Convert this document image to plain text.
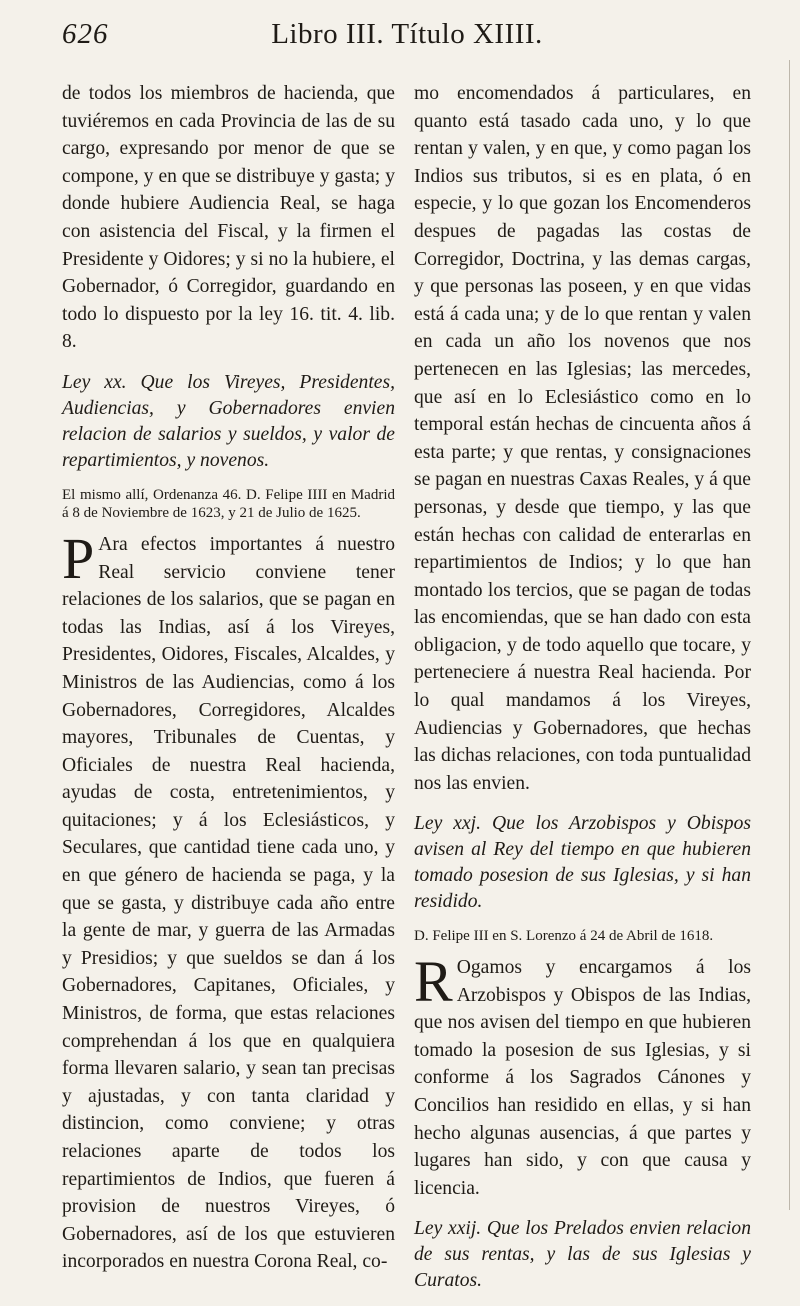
626	Libro III. Título XIIII.

de todos los miembros de hacienda, que tuviéremos en cada Provincia de las de su cargo, expresando por menor de que se compone, y en que se distribuye y gasta; y donde hubiere Audiencia Real, se haga con asistencia del Fiscal, y la firmen el Presidente y Oidores; y si no la hubiere, el Gobernador, ó Corregidor, guardando en todo lo dispuesto por la ley 16. tit. 4. lib. 8.

Ley xx. Que los Vireyes, Presidentes, Audiencias, y Gobernadores envien relacion de salarios y sueldos, y valor de repartimientos, y novenos.

El mismo allí, Ordenanza 46. D. Felipe IIII en Madrid á 8 de Noviembre de 1623, y 21 de Julio de 1625.

P Ara efectos importantes á nuestro Real servicio conviene tener relaciones de los salarios, que se pagan en todas las Indias, así á los Vireyes, Presidentes, Oidores, Fiscales, Alcaldes, y Ministros de las Audiencias, como á los Gobernadores, Corregidores, Alcaldes mayores, Tribunales de Cuentas, y Oficiales de nuestra Real hacienda, ayudas de costa, entretenimientos, y quitaciones; y á los Eclesiásticos, y Seculares, que cantidad tiene cada uno, y en que género de hacienda se paga, y la que se gasta, y distribuye cada año entre la gente de mar, y guerra de las Armadas y Presidios; y que sueldos se dan á los Gobernadores, Capitanes, Oficiales, y Ministros, de forma, que estas relaciones comprehendan á los que en qualquiera forma llevaren salario, y sean tan precisas y ajustadas, y con tanta claridad y distincion, como conviene; y otras relaciones aparte de todos los repartimientos de Indios, que fueren á provision de nuestros Vireyes, ó Gobernadores, así de los que estuvieren incorporados en nuestra Corona Real, co-

mo encomendados á particulares, en quanto está tasado cada uno, y lo que rentan y valen, y en que, y como pagan los Indios sus tributos, si es en plata, ó en especie, y lo que gozan los Encomenderos despues de pagadas las costas de Corregidor, Doctrina, y las demas cargas, y que personas las poseen, y en que vidas está á cada una; y de lo que rentan y valen en cada un año los novenos que nos pertenecen en las Iglesias; las mercedes, que así en lo Eclesiástico como en lo temporal están hechas de cincuenta años á esta parte; y que rentas, y consignaciones se pagan en nuestras Caxas Reales, y á que personas, y desde que tiempo, y las que están hechas con calidad de enterarlas en repartimientos de Indios; y lo que han montado los tercios, que se pagan de todas las encomiendas, que se han dado con esta obligacion, y de todo aquello que tocare, y perteneciere á nuestra Real hacienda. Por lo qual mandamos á los Vireyes, Audiencias y Gobernadores, que hechas las dichas relaciones, con toda puntualidad nos las envien.

Ley xxj. Que los Arzobispos y Obispos avisen al Rey del tiempo en que hubieren tomado posesion de sus Iglesias, y si han residido.

D. Felipe III en S. Lorenzo á 24 de Abril de 1618.

R Ogamos y encargamos á los Arzobispos y Obispos de las Indias, que nos avisen del tiempo en que hubieren tomado la posesion de sus Iglesias, y si conforme á los Sagrados Cánones y Concilios han residido en ellas, y si han hecho algunas ausencias, á que partes y lugares han sido, y con que causa y licencia.

Ley xxij. Que los Prelados envien relacion de sus rentas, y las de sus Iglesias y Curatos.
